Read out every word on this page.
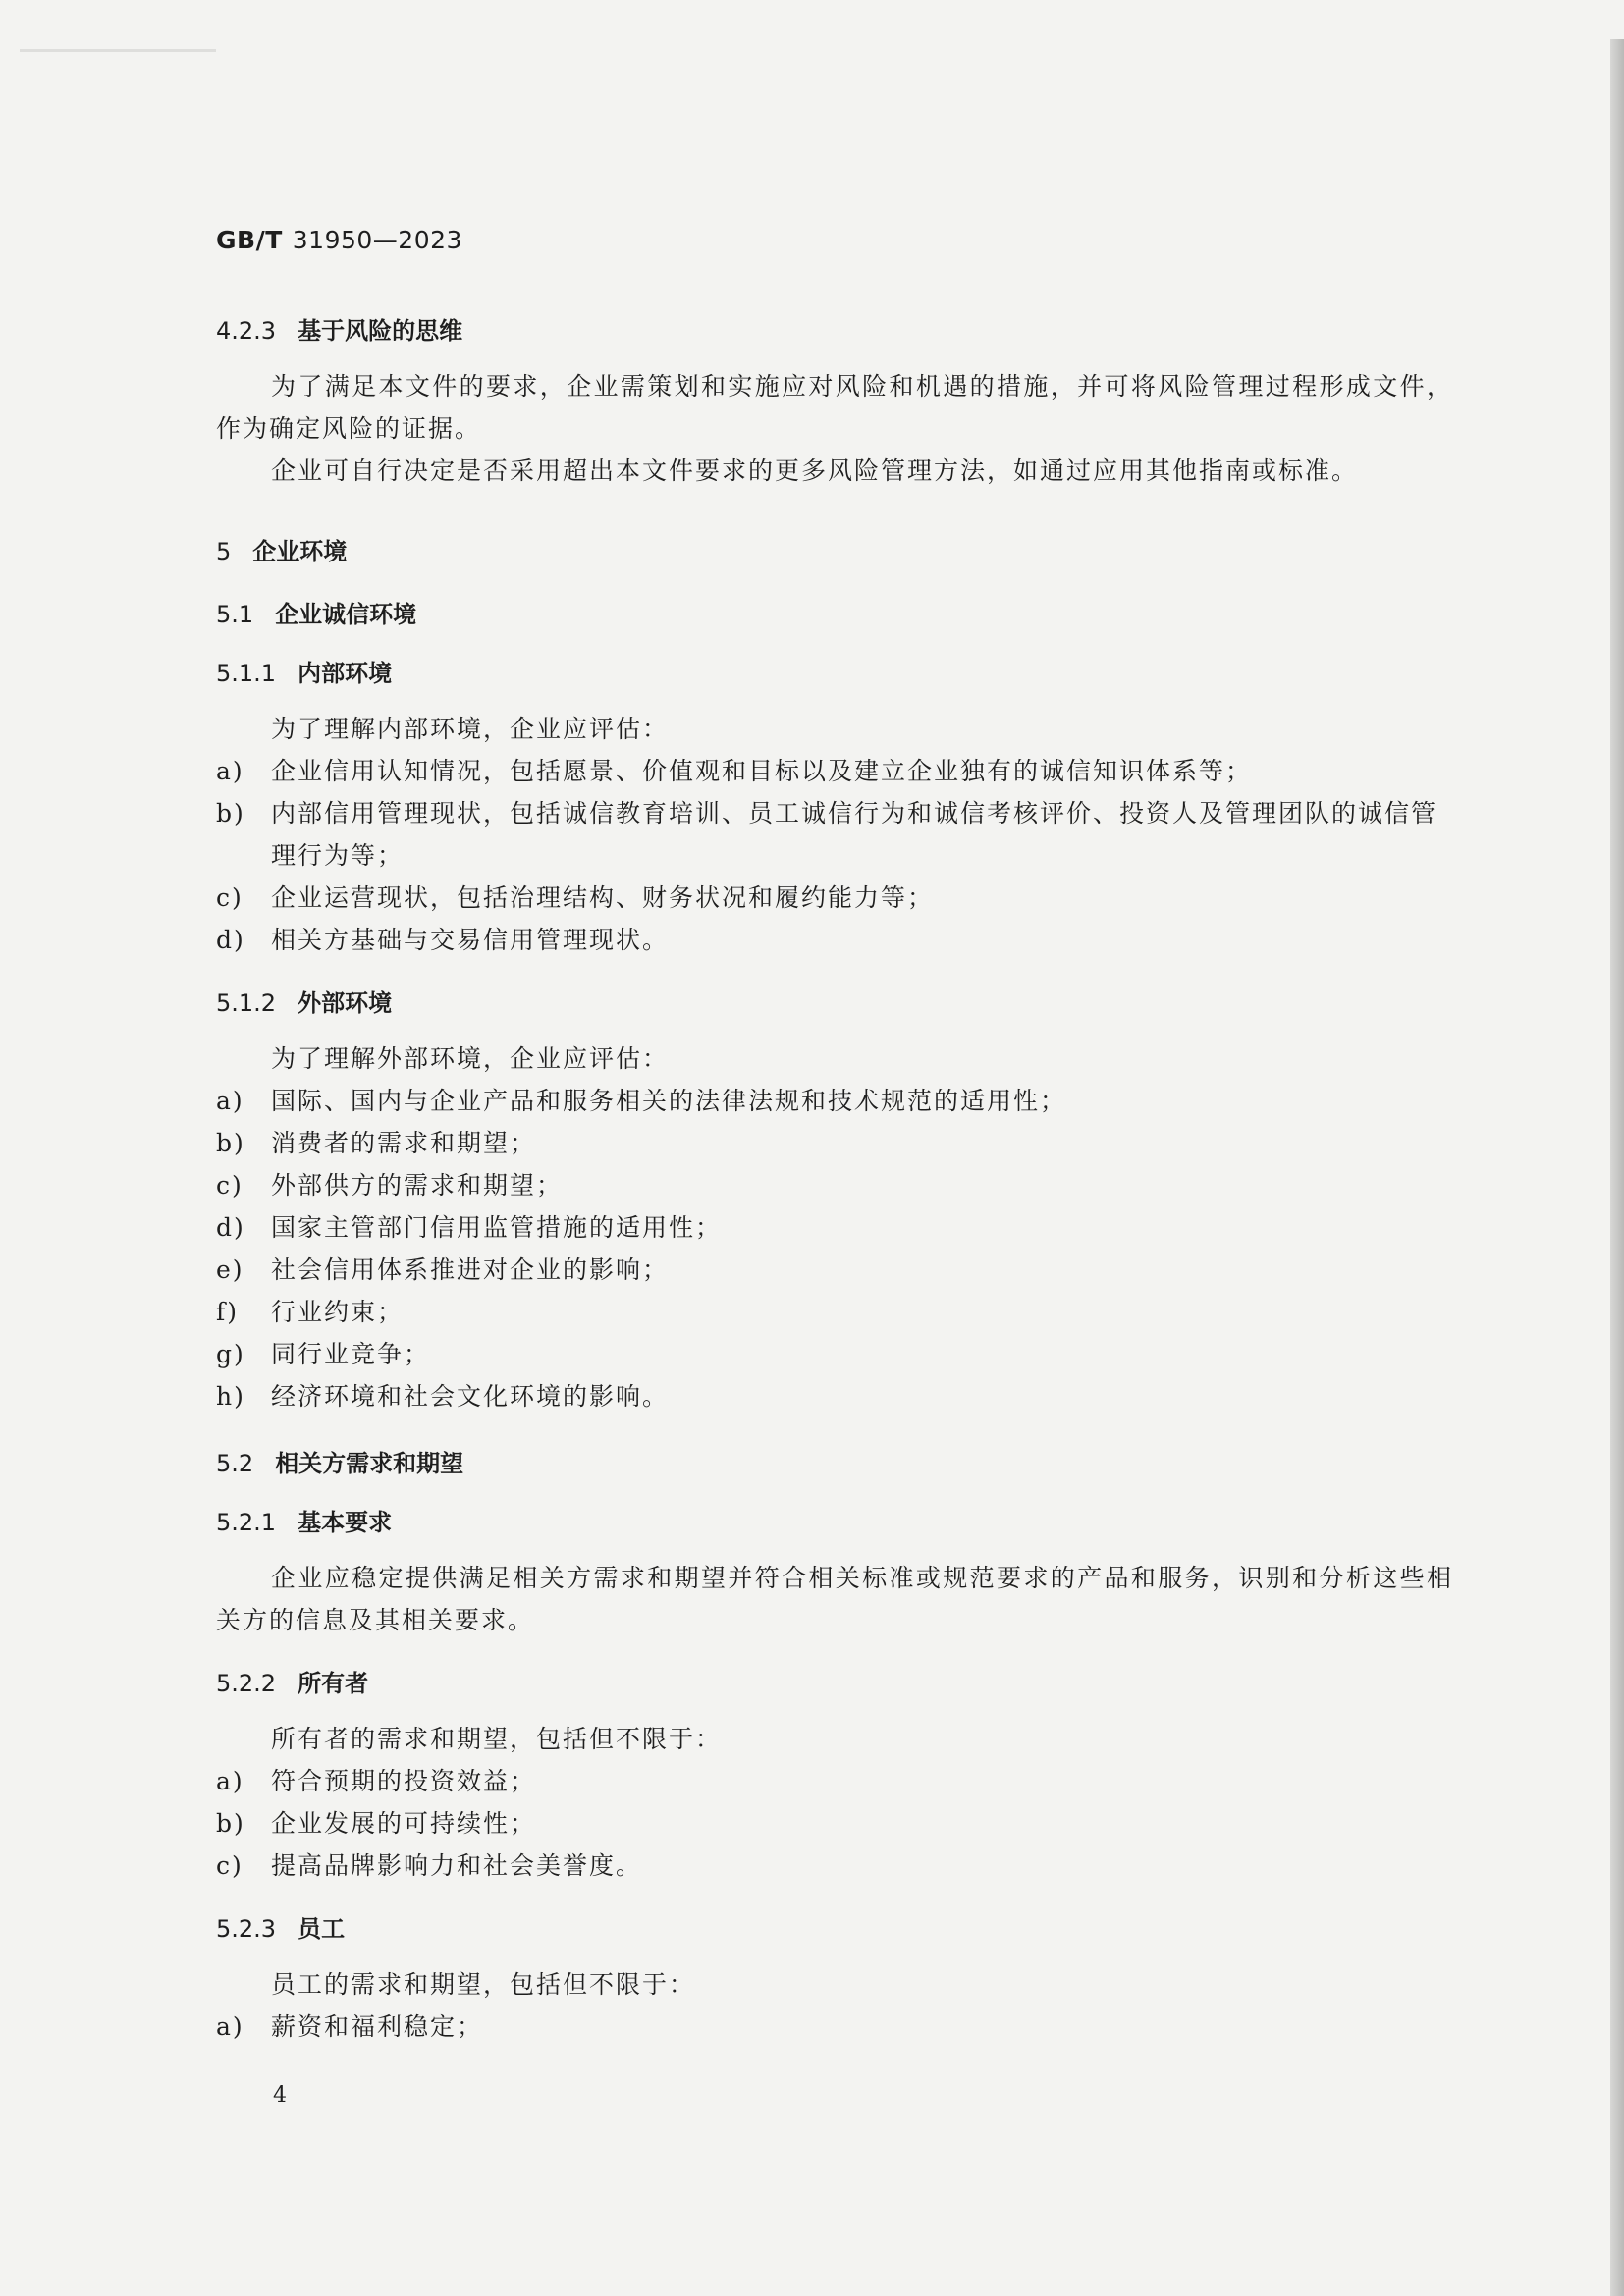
GB/T 31950—2023
4.2.3 基于风险的思维

为了满足本文件的要求，企业需策划和实施应对风险和机遇的措施，并可将风险管理过程形成文件，作为确定风险的证据。

企业可自行决定是否采用超出本文件要求的更多风险管理方法，如通过应用其他指南或标准。

5 企业环境
5.1 企业诚信环境
5.1.1 内部环境

为了理解内部环境，企业应评估：

a)	企业信用认知情况，包括愿景、价值观和目标以及建立企业独有的诚信知识体系等；
b)	内部信用管理现状，包括诚信教育培训、员工诚信行为和诚信考核评价、投资人及管理团队的诚信管理行为等；
c)	企业运营现状，包括治理结构、财务状况和履约能力等；
d)	相关方基础与交易信用管理现状。
5.1.2 外部环境

为了理解外部环境，企业应评估：

a)	国际、国内与企业产品和服务相关的法律法规和技术规范的适用性；
b)	消费者的需求和期望；
c)	外部供方的需求和期望；
d)	国家主管部门信用监管措施的适用性；
e)	社会信用体系推进对企业的影响；
f)	行业约束；
g)	同行业竞争；
h)	经济环境和社会文化环境的影响。
5.2 相关方需求和期望
5.2.1 基本要求

企业应稳定提供满足相关方需求和期望并符合相关标准或规范要求的产品和服务，识别和分析这些相关方的信息及其相关要求。

5.2.2 所有者

所有者的需求和期望，包括但不限于：

a)	符合预期的投资效益；
b)	企业发展的可持续性；
c)	提高品牌影响力和社会美誉度。
5.2.3 员工

员工的需求和期望，包括但不限于：

a)	薪资和福利稳定；
4
